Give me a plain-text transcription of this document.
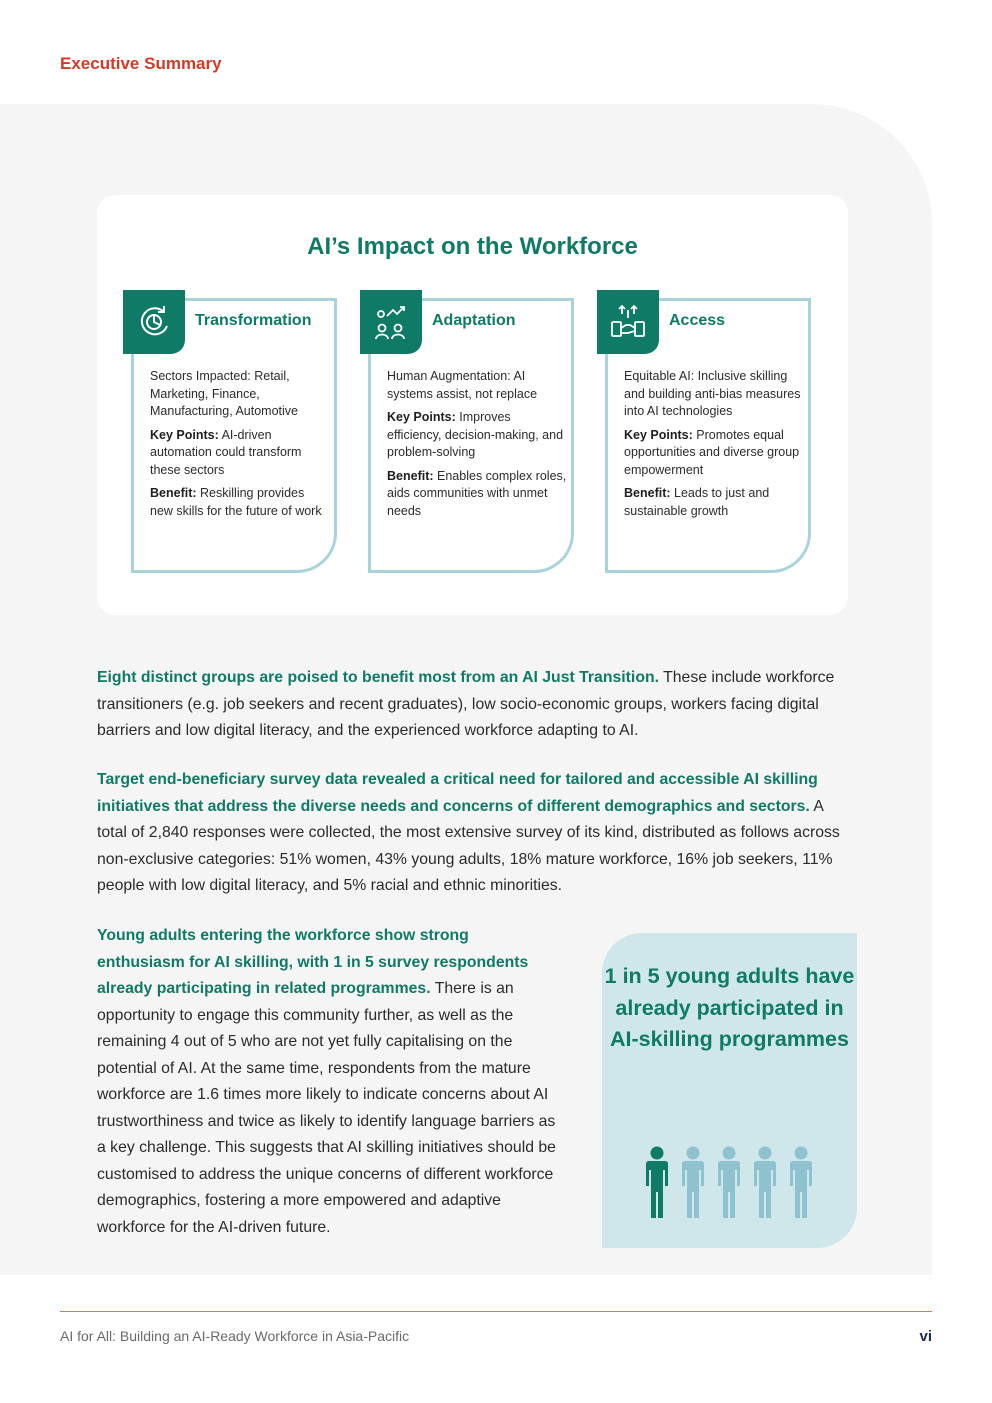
Executive Summary
AI’s Impact on the Workforce
Transformation

Sectors Impacted: Retail, Marketing, Finance, Manufacturing, Automotive

Key Points: AI-driven automation could transform these sectors

Benefit: Reskilling provides new skills for the future of work

Adaptation

Human Augmentation: AI systems assist, not replace

Key Points: Improves efficiency, decision-making, and problem-solving

Benefit: Enables complex roles, aids communities with unmet needs

Access

Equitable AI: Inclusive skilling and building anti-bias measures into AI technologies

Key Points: Promotes equal opportunities and diverse group empowerment

Benefit: Leads to just and sustainable growth

Eight distinct groups are poised to benefit most from an AI Just Transition. These include workforce transitioners (e.g. job seekers and recent graduates), low socio-economic groups, workers facing digital barriers and low digital literacy, and the experienced workforce adapting to AI.

Target end-beneficiary survey data revealed a critical need for tailored and accessible AI skilling initiatives that address the diverse needs and concerns of different demographics and sectors. A total of 2,840 responses were collected, the most extensive survey of its kind, distributed as follows across non-exclusive categories: 51% women, 43% young adults, 18% mature workforce, 16% job seekers, 11% people with low digital literacy, and 5% racial and ethnic minorities.

Young adults entering the workforce show strong enthusiasm for AI skilling, with 1 in 5 survey respondents already participating in related programmes. There is an opportunity to engage this community further, as well as the remaining 4 out of 5 who are not yet fully capitalising on the potential of AI. At the same time, respondents from the mature workforce are 1.6 times more likely to indicate concerns about AI trustworthiness and twice as likely to identify language barriers as a key challenge. This suggests that AI skilling initiatives should be customised to address the unique concerns of different workforce demographics, fostering a more empowered and adaptive workforce for the AI-driven future.

1 in 5 young adults have already participated in AI-skilling programmes
AI for All: Building an AI-Ready Workforce in Asia-Pacific	vi
